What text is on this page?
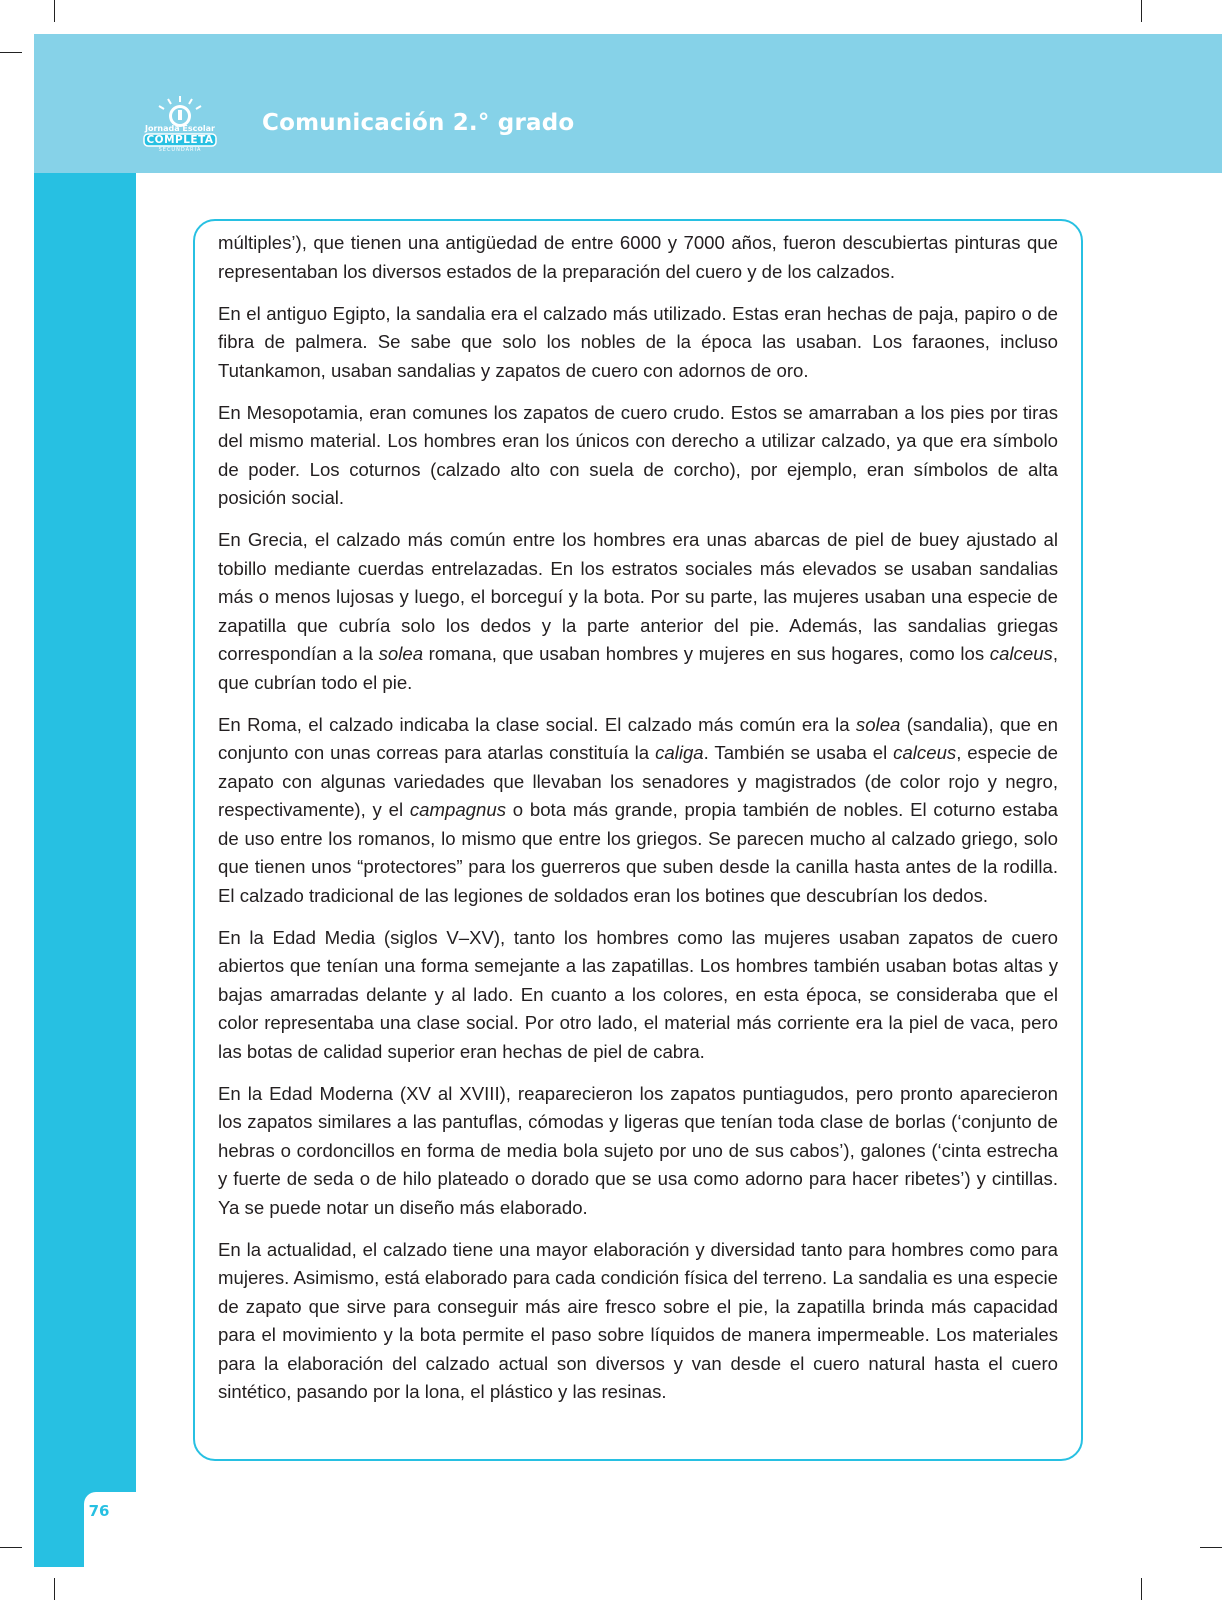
Jornada Escolar
COMPLETA
SECUNDARIA
Comunicación 2.° grado

múltiples’), que tienen una antigüedad de entre 6000 y 7000 años, fueron descubiertas pinturas que representaban los diversos estados de la preparación del cuero y de los calzados.

En el antiguo Egipto, la sandalia era el calzado más utilizado. Estas eran hechas de paja, papiro o de fibra de palmera. Se sabe que solo los nobles de la época las usaban. Los faraones, incluso Tutankamon, usaban sandalias y zapatos de cuero con adornos de oro.

En Mesopotamia, eran comunes los zapatos de cuero crudo. Estos se amarraban a los pies por tiras del mismo material. Los hombres eran los únicos con derecho a utilizar calzado, ya que era símbolo de poder. Los coturnos (calzado alto con suela de corcho), por ejemplo, eran símbolos de alta posición social.

En Grecia, el calzado más común entre los hombres era unas abarcas de piel de buey ajustado al tobillo mediante cuerdas entrelazadas. En los estratos sociales más elevados se usaban sandalias más o menos lujosas y luego, el borceguí y la bota. Por su parte, las mujeres usaban una especie de zapatilla que cubría solo los dedos y la parte anterior del pie. Además, las sandalias griegas correspondían a la solea romana, que usaban hombres y mujeres en sus hogares, como los calceus, que cubrían todo el pie.

En Roma, el calzado indicaba la clase social. El calzado más común era la solea (sandalia), que en conjunto con unas correas para atarlas constituía la caliga. También se usaba el calceus, especie de zapato con algunas variedades que llevaban los senadores y magistrados (de color rojo y negro, respectivamente), y el campagnus o bota más grande, propia también de nobles. El coturno estaba de uso entre los romanos, lo mismo que entre los griegos. Se parecen mucho al calzado griego, solo que tienen unos “protectores” para los guerreros que suben desde la canilla hasta antes de la rodilla. El calzado tradicional de las legiones de soldados eran los botines que descubrían los dedos.

En la Edad Media (siglos V–XV), tanto los hombres como las mujeres usaban zapatos de cuero abiertos que tenían una forma semejante a las zapatillas. Los hombres también usaban botas altas y bajas amarradas delante y al lado. En cuanto a los colores, en esta época, se consideraba que el color representaba una clase social. Por otro lado, el material más corriente era la piel de vaca, pero las botas de calidad superior eran hechas de piel de cabra.

En la Edad Moderna (XV al XVIII), reaparecieron los zapatos puntiagudos, pero pronto aparecieron los zapatos similares a las pantuflas, cómodas y ligeras que tenían toda clase de borlas (‘conjunto de hebras o cordoncillos en forma de media bola sujeto por uno de sus cabos’), galones (‘cinta estrecha y fuerte de seda o de hilo plateado o dorado que se usa como adorno para hacer ribetes’) y cintillas. Ya se puede notar un diseño más elaborado.

En la actualidad, el calzado tiene una mayor elaboración y diversidad tanto para hombres como para mujeres. Asimismo, está elaborado para cada condición física del terreno. La sandalia es una especie de zapato que sirve para conseguir más aire fresco sobre el pie, la zapatilla brinda más capacidad para el movimiento y la bota permite el paso sobre líquidos de manera impermeable. Los materiales para la elaboración del calzado actual son diversos y van desde el cuero natural hasta el cuero sintético, pasando por la lona, el plástico y las resinas.

76
